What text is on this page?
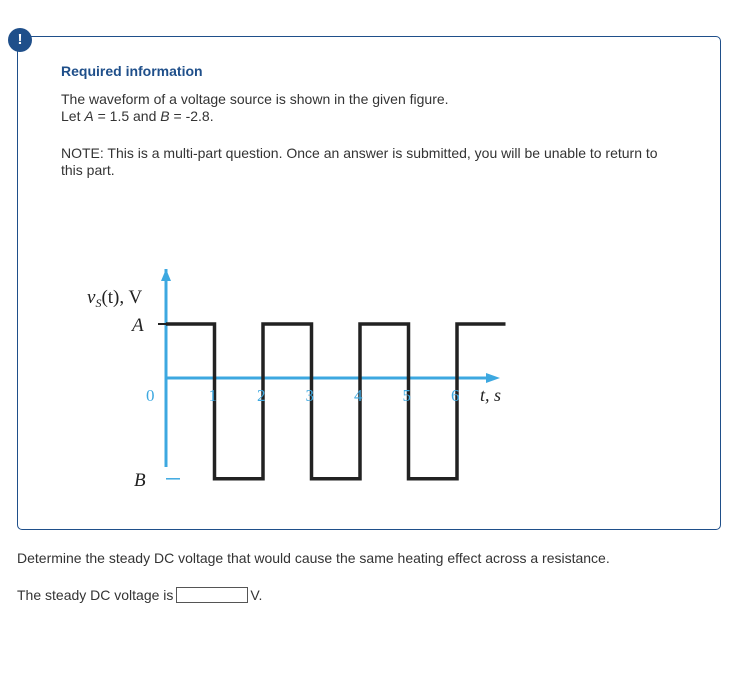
!
Required information
The waveform of a voltage source is shown in the given figure.
Let A = 1.5 and B = -2.8.
NOTE: This is a multi-part question. Once an answer is submitted, you will be unable to return to this part.
1 2 3 4 5 6
0
A
B
t, s
$v_S(t)$, V
Determine the steady DC voltage that would cause the same heating effect across a resistance.
The steady DC voltage is	V.
